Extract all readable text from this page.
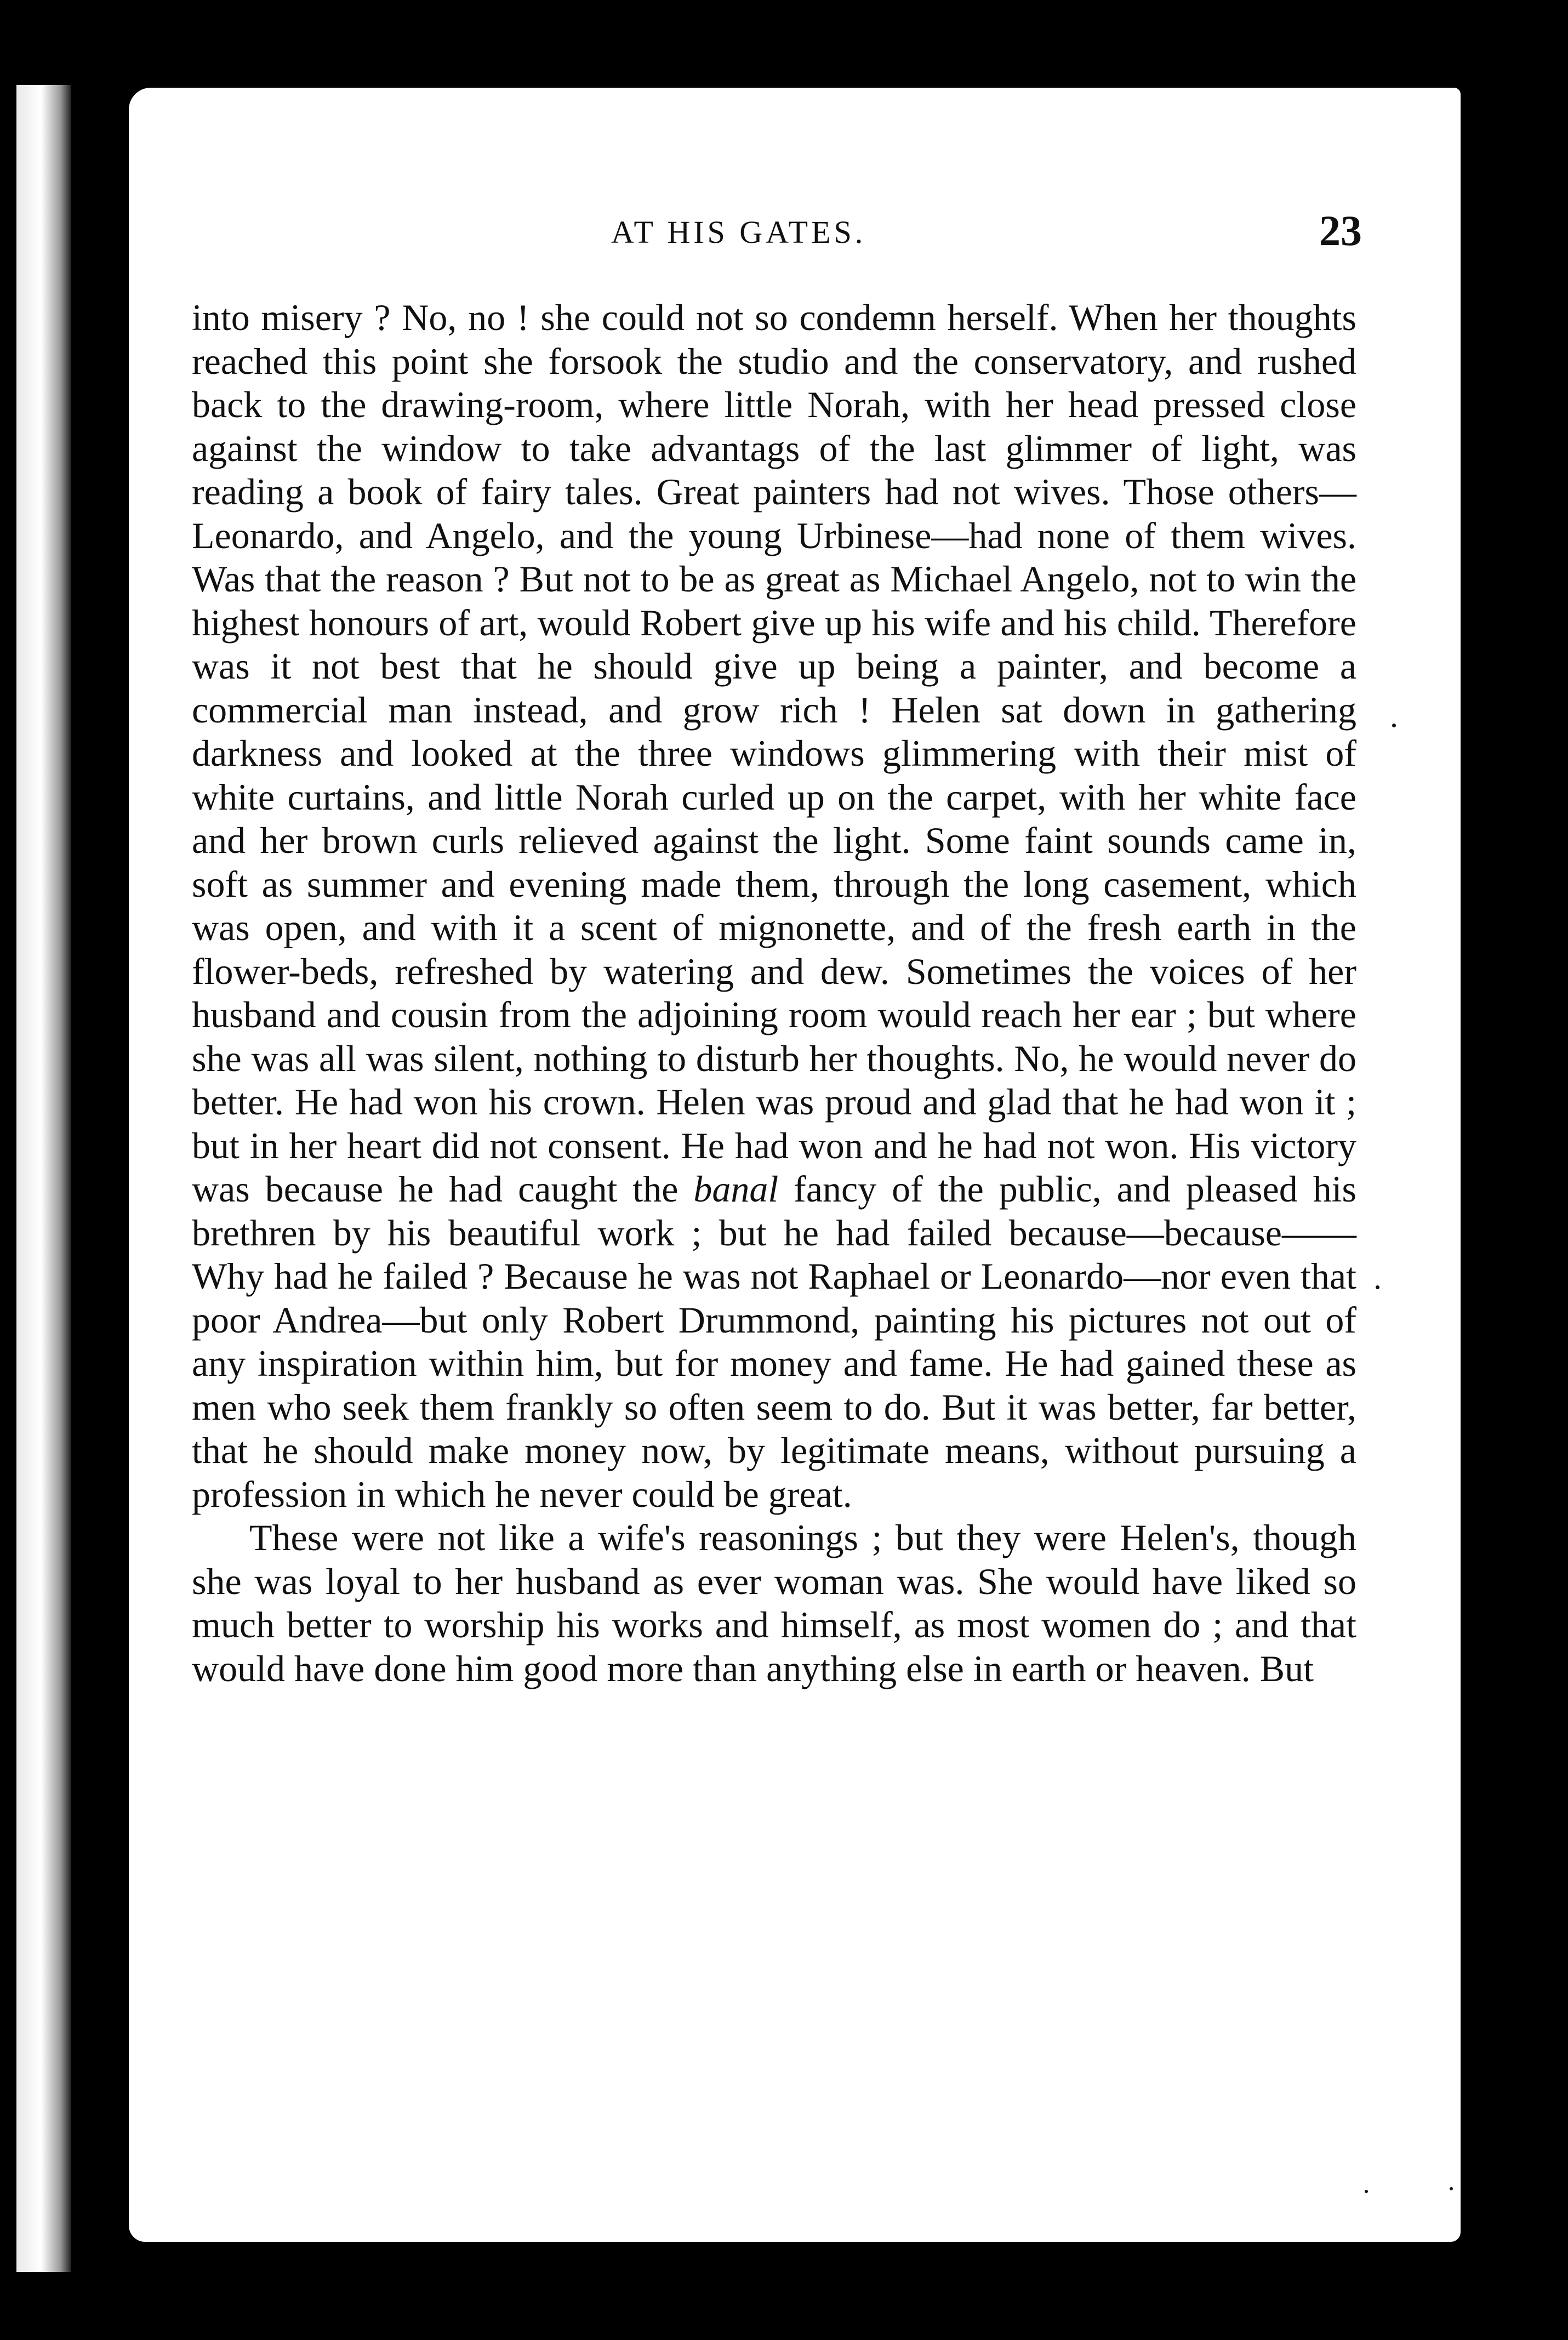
AT HIS GATES.	23

into misery ? No, no ! she could not so condemn herself. When her thoughts reached this point she forsook the studio and the conservatory, and rushed back to the drawing-room, where little Norah, with her head pressed close against the window to take advantags of the last glimmer of light, was reading a book of fairy tales. Great painters had not wives. Those others—Leonardo, and Angelo, and the young Urbinese—had none of them wives. Was that the reason ? But not to be as great as Michael Angelo, not to win the highest honours of art, would Robert give up his wife and his child. Therefore was it not best that he should give up being a painter, and become a commercial man instead, and grow rich ! Helen sat down in gathering darkness and looked at the three windows glimmering with their mist of white curtains, and little Norah curled up on the carpet, with her white face and her brown curls relieved against the light. Some faint sounds came in, soft as summer and evening made them, through the long casement, which was open, and with it a scent of mignonette, and of the fresh earth in the flower-beds, refreshed by watering and dew. Sometimes the voices of her husband and cousin from the adjoining room would reach her ear ; but where she was all was silent, nothing to disturb her thoughts. No, he would never do better. He had won his crown. Helen was proud and glad that he had won it ; but in her heart did not consent. He had won and he had not won. His victory was because he had caught the banal fancy of the public, and pleased his brethren by his beautiful work ; but he had failed because—because—— Why had he failed ? Because he was not Raphael or Leonardo—nor even that poor Andrea—but only Robert Drummond, painting his pictures not out of any inspiration within him, but for money and fame. He had gained these as men who seek them frankly so often seem to do. But it was better, far better, that he should make money now, by legitimate means, without pursuing a profession in which he never could be great.

These were not like a wife's reasonings ; but they were Helen's, though she was loyal to her husband as ever woman was. She would have liked so much better to worship his works and himself, as most women do ; and that would have done him good more than anything else in earth or heaven. But
